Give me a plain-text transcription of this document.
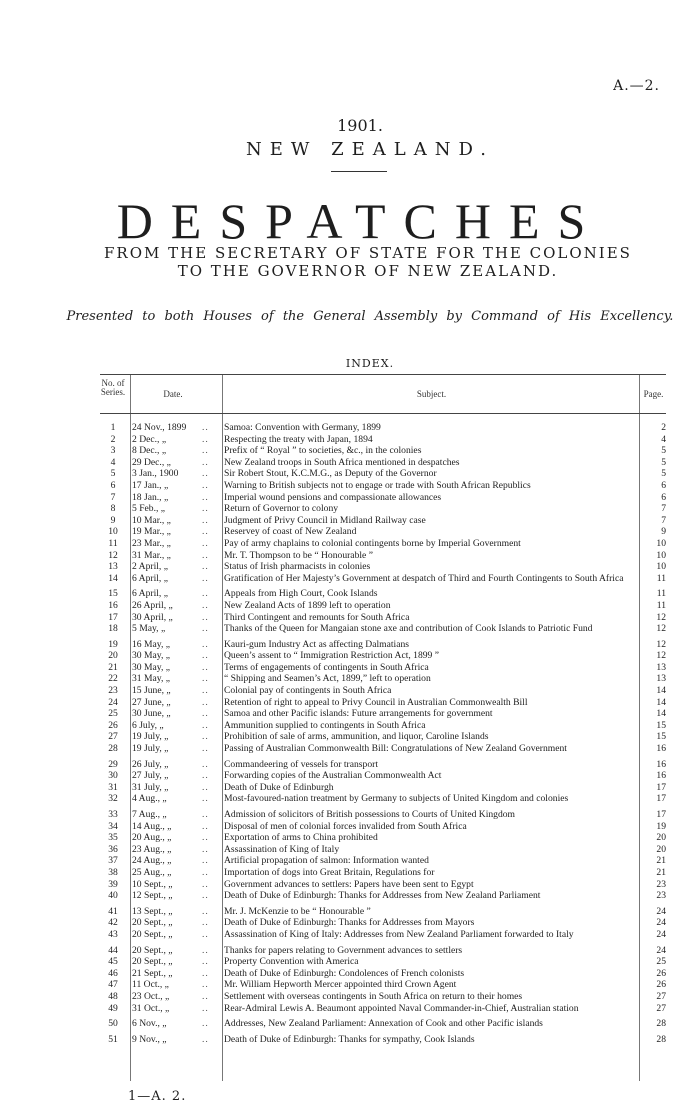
A.—2.
1901.
NEW ZEALAND.
DESPATCHES
FROM THE SECRETARY OF STATE FOR THE COLONIES TO THE GOVERNOR OF NEW ZEALAND.
Presented to both Houses of the General Assembly by Command of His Excellency.
INDEX.
No. of Series.	Date.	Subject.	Page.
1	24 Nov., 1899	..	Samoa: Convention with Germany, 1899	2
2	2 Dec., „	..	Respecting the treaty with Japan, 1894	4
3	8 Dec., „	..	Prefix of “ Royal ” to societies, &c., in the colonies	5
4	29 Dec., „	..	New Zealand troops in South Africa mentioned in despatches	5
5	3 Jan., 1900	..	Sir Robert Stout, K.C.M.G., as Deputy of the Governor	5
6	17 Jan., „	..	Warning to British subjects not to engage or trade with South African Republics	6
7	18 Jan., „	..	Imperial wound pensions and compassionate allowances	6
8	5 Feb., „	..	Return of Governor to colony	7
9	10 Mar., „	..	Judgment of Privy Council in Midland Railway case	7
10	19 Mar., „	..	Reservey of coast of New Zealand	9
11	23 Mar., „	..	Pay of army chaplains to colonial contingents borne by Imperial Government	10
12	31 Mar., „	..	Mr. T. Thompson to be “ Honourable ”	10
13	2 April, „	..	Status of Irish pharmacists in colonies	10
14	6 April, „	..	Gratification of Her Majesty’s Government at despatch of Third and Fourth Contingents to South Africa	11
15	6 April, „	..	Appeals from High Court, Cook Islands	11
16	26 April, „	..	New Zealand Acts of 1899 left to operation	11
17	30 April, „	..	Third Contingent and remounts for South Africa	12
18	5 May, „	..	Thanks of the Queen for Mangaian stone axe and contribution of Cook Islands to Patriotic Fund	12
19	16 May, „	..	Kauri-gum Industry Act as affecting Dalmatians	12
20	30 May, „	..	Queen’s assent to “ Immigration Restriction Act, 1899 ”	12
21	30 May, „	..	Terms of engagements of contingents in South Africa	13
22	31 May, „	..	“ Shipping and Seamen’s Act, 1899,” left to operation	13
23	15 June, „	..	Colonial pay of contingents in South Africa	14
24	27 June, „	..	Retention of right to appeal to Privy Council in Australian Commonwealth Bill	14
25	30 June, „	..	Samoa and other Pacific islands: Future arrangements for government	14
26	6 July, „	..	Ammunition supplied to contingents in South Africa	15
27	19 July, „	..	Prohibition of sale of arms, ammunition, and liquor, Caroline Islands	15
28	19 July, „	..	Passing of Australian Commonwealth Bill: Congratulations of New Zealand Government	16
29	26 July, „	..	Commandeering of vessels for transport	16
30	27 July, „	..	Forwarding copies of the Australian Commonwealth Act	16
31	31 July, „	..	Death of Duke of Edinburgh	17
32	4 Aug., „	..	Most-favoured-nation treatment by Germany to subjects of United Kingdom and colonies	17
33	7 Aug., „	..	Admission of solicitors of British possessions to Courts of United Kingdom	17
34	14 Aug., „	..	Disposal of men of colonial forces invalided from South Africa	19
35	20 Aug., „	..	Exportation of arms to China prohibited	20
36	23 Aug., „	..	Assassination of King of Italy	20
37	24 Aug., „	..	Artificial propagation of salmon: Information wanted	21
38	25 Aug., „	..	Importation of dogs into Great Britain, Regulations for	21
39	10 Sept., „	..	Government advances to settlers: Papers have been sent to Egypt	23
40	12 Sept., „	..	Death of Duke of Edinburgh: Thanks for Addresses from New Zealand Parliament	23
41	13 Sept., „	..	Mr. J. McKenzie to be “ Honourable ”	24
42	20 Sept., „	..	Death of Duke of Edinburgh: Thanks for Addresses from Mayors	24
43	20 Sept., „	..	Assassination of King of Italy: Addresses from New Zealand Parliament forwarded to Italy	24
44	20 Sept., „	..	Thanks for papers relating to Government advances to settlers	24
45	20 Sept., „	..	Property Convention with America	25
46	21 Sept., „	..	Death of Duke of Edinburgh: Condolences of French colonists	26
47	11 Oct., „	..	Mr. William Hepworth Mercer appointed third Crown Agent	26
48	23 Oct., „	..	Settlement with overseas contingents in South Africa on return to their homes	27
49	31 Oct., „	..	Rear-Admiral Lewis A. Beaumont appointed Naval Commander-in-Chief, Australian station	27
50	6 Nov., „	..	Addresses, New Zealand Parliament: Annexation of Cook and other Pacific islands	28
51	9 Nov., „	..	Death of Duke of Edinburgh: Thanks for sympathy, Cook Islands	28
1—A. 2.
